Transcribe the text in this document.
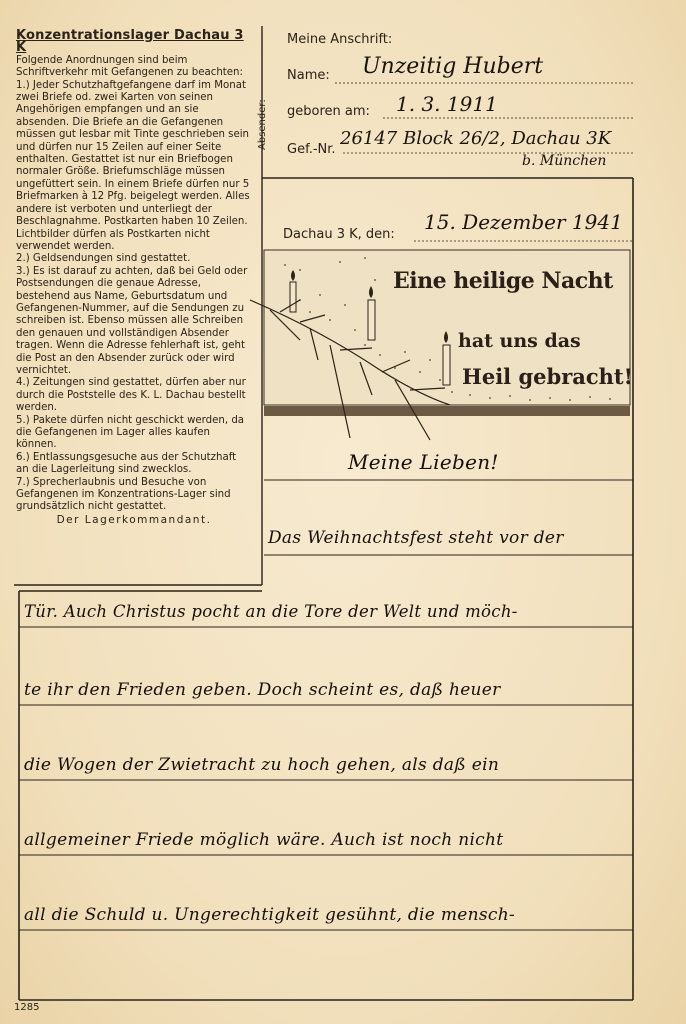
Konzentrationslager Dachau 3 K

Folgende Anordnungen sind beim Schriftverkehr mit Gefangenen zu beachten:

1.) Jeder Schutzhaftgefangene darf im Monat zwei Briefe od. zwei Karten von seinen Angehörigen empfangen und an sie absenden. Die Briefe an die Gefangenen müssen gut lesbar mit Tinte geschrieben sein und dürfen nur 15 Zeilen auf einer Seite enthalten. Gestattet ist nur ein Briefbogen normaler Größe. Briefumschläge müssen ungefüttert sein. In einem Briefe dürfen nur 5 Briefmarken à 12 Pfg. beigelegt werden. Alles andere ist verboten und unterliegt der Beschlagnahme. Postkarten haben 10 Zeilen. Lichtbilder dürfen als Postkarten nicht verwendet werden.

2.) Geldsendungen sind gestattet.

3.) Es ist darauf zu achten, daß bei Geld oder Postsendungen die genaue Adresse, bestehend aus Name, Geburtsdatum und Gefangenen-Nummer, auf die Sendungen zu schreiben ist. Ebenso müssen alle Schreiben den genauen und vollständigen Absender tragen. Wenn die Adresse fehlerhaft ist, geht die Post an den Absender zurück oder wird vernichtet.

4.) Zeitungen sind gestattet, dürfen aber nur durch die Poststelle des K. L. Dachau bestellt werden.

5.) Pakete dürfen nicht geschickt werden, da die Gefangenen im Lager alles kaufen können.

6.) Entlassungsgesuche aus der Schutzhaft an die Lagerleitung sind zwecklos.

7.) Sprecherlaubnis und Besuche von Gefangenen im Konzentrations-Lager sind grundsätzlich nicht gestattet.

Der Lagerkommandant.

Meine Anschrift:
Absender:
Name: Unzeitig Hubert
geboren am: 1. 3. 1911
Gef.-Nr.
26147 Block 26/2, Dachau 3K
b. München
Dachau 3 K, den:
15. Dezember 1941
Eine heilige Nacht
hat uns das
Heil gebracht!
Meine Lieben!
Das Weihnachtsfest steht vor der
Tür. Auch Christus pocht an die Tore der Welt und möch-
te ihr den Frieden geben. Doch scheint es, daß heuer
die Wogen der Zwietracht zu hoch gehen, als daß ein
allgemeiner Friede möglich wäre. Auch ist noch nicht
all die Schuld u. Ungerechtigkeit gesühnt, die mensch-
1285
